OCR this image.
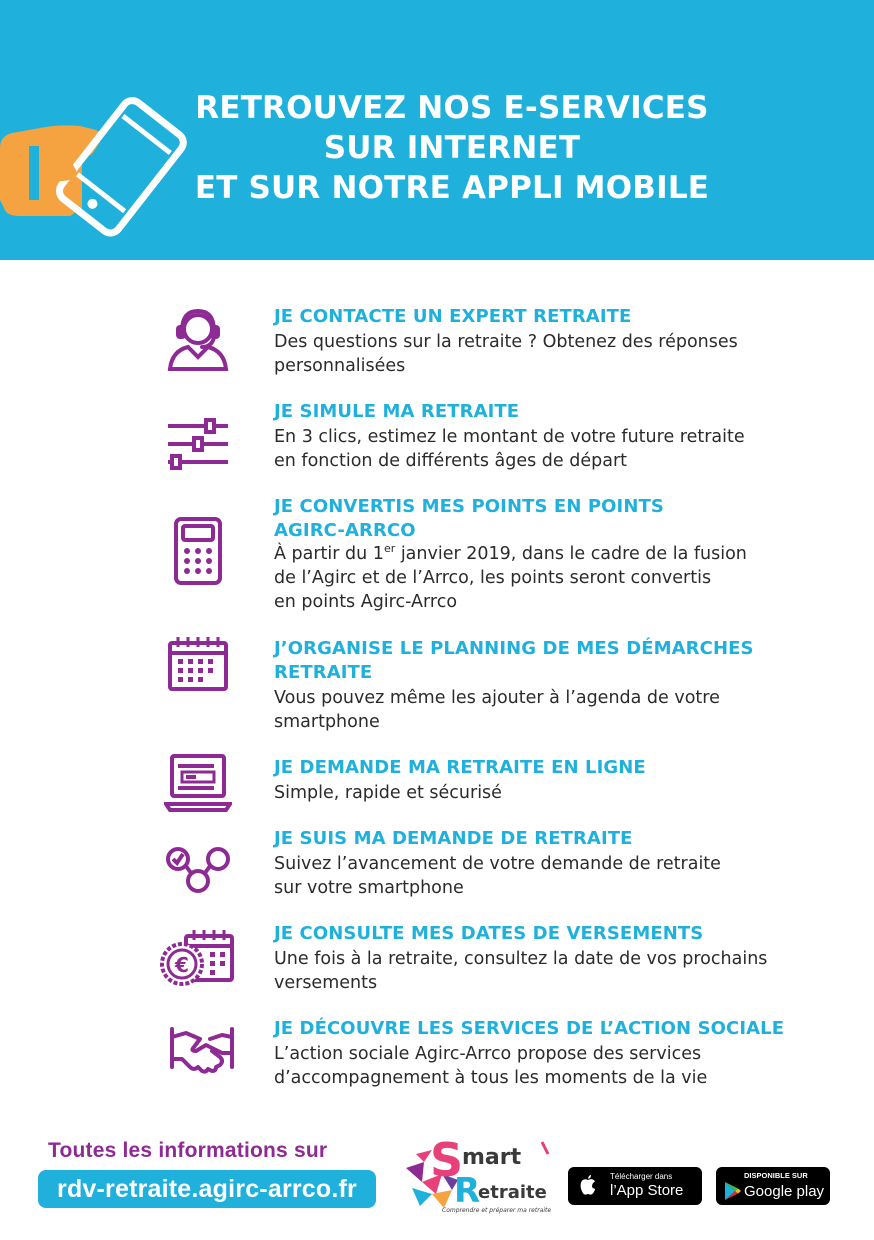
RETROUVEZ NOS E-SERVICES
SUR INTERNET
ET SUR NOTRE APPLI MOBILE
JE CONTACTE UN EXPERT RETRAITE
Des questions sur la retraite ? Obtenez des réponses
personnalisées
JE SIMULE MA RETRAITE
En 3 clics, estimez le montant de votre future retraite
en fonction de différents âges de départ
JE CONVERTIS MES POINTS EN POINTS
AGIRC-ARRCO
À partir du 1er janvier 2019, dans le cadre de la fusion
de l’Agirc et de l’Arrco, les points seront convertis
en points Agirc-Arrco
J’ORGANISE LE PLANNING DE MES DÉMARCHES
RETRAITE
Vous pouvez même les ajouter à l’agenda de votre
smartphone
JE DEMANDE MA RETRAITE EN LIGNE
Simple, rapide et sécurisé
JE SUIS MA DEMANDE DE RETRAITE
Suivez l’avancement de votre demande de retraite
sur votre smartphone
€
JE CONSULTE MES DATES DE VERSEMENTS
Une fois à la retraite, consultez la date de vos prochains
versements
JE DÉCOUVRE LES SERVICES DE L’ACTION SOCIALE
L’action sociale Agirc-Arrco propose des services
d’accompagnement à tous les moments de la vie
Toutes les informations sur
rdv-retraite.agirc-arrco.fr
S
mart
R
etraite
Comprendre et préparer ma retraite
Télécharger dans
l’App Store
DISPONIBLE SUR
Google play
